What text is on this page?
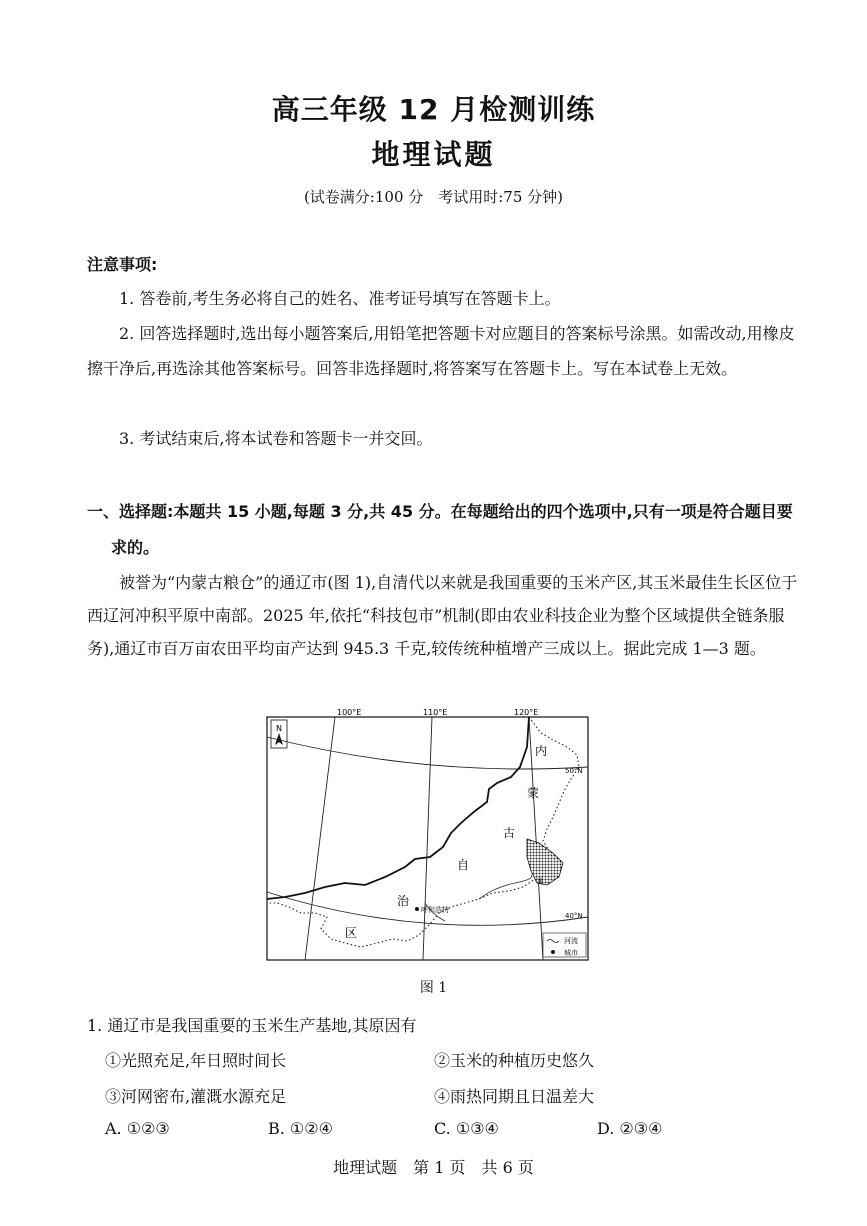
高三年级 12 月检测训练
地理试题
(试卷满分:100 分　考试用时:75 分钟)
注意事项:
1. 答卷前,考生务必将自己的姓名、准考证号填写在答题卡上。
2. 回答选择题时,选出每小题答案后,用铅笔把答题卡对应题目的答案标号涂黑。如需改动,用橡皮擦干净后,再选涂其他答案标号。回答非选择题时,将答案写在答题卡上。写在本试卷上无效。
3. 考试结束后,将本试卷和答题卡一并交回。
一、选择题:本题共 15 小题,每题 3 分,共 45 分。在每题给出的四个选项中,只有一项是符合题目要求的。
被誉为“内蒙古粮仓”的通辽市(图 1),自清代以来就是我国重要的玉米产区,其玉米最佳生长区位于西辽河冲积平原中南部。2025 年,依托“科技包市”机制(即由农业科技企业为整个区域提供全链条服务),通辽市百万亩农田平均亩产达到 945.3 千克,较传统种植增产三成以上。据此完成 1—3 题。
N
100°E	110°E	120°E
50°N
40°N
内
蒙
古
自
治
区
通
呼和浩特
河流
城市
图 1
1. 通辽市是我国重要的玉米生产基地,其原因有
①光照充足,年日照时间长	②玉米的种植历史悠久
③河网密布,灌溉水源充足	④雨热同期且日温差大
A. ①②③	B. ①②④	C. ①③④	D. ②③④
地理试题　第 1 页　共 6 页
